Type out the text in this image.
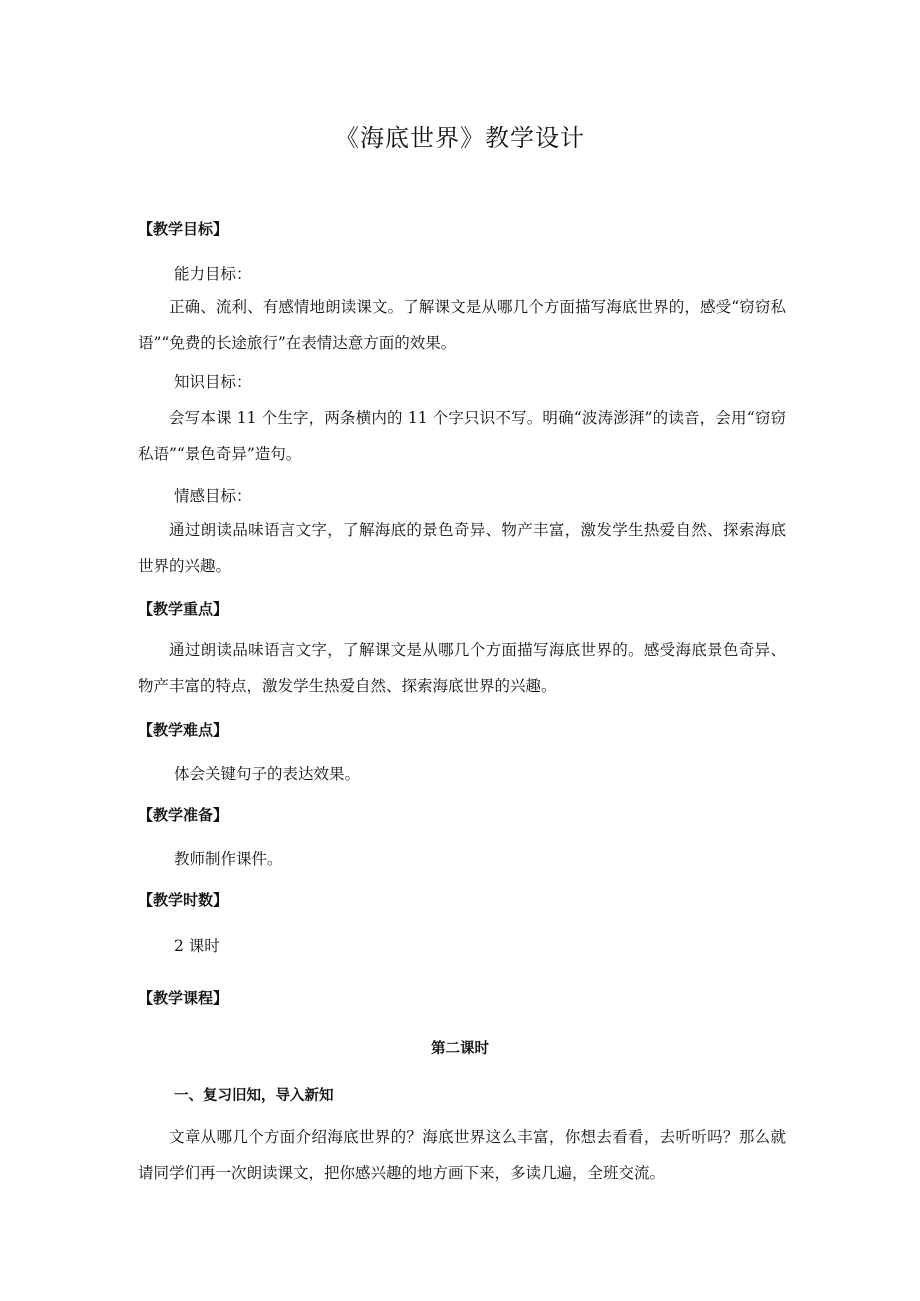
《海底世界》教学设计
【教学目标】
能力目标：
正确、流利、有感情地朗读课文。了解课文是从哪几个方面描写海底世界的，感受“窃窃私语”“免费的长途旅行”在表情达意方面的效果。
知识目标：
会写本课 11 个生字，两条横内的 11 个字只识不写。明确“波涛澎湃”的读音，会用“窃窃私语”“景色奇异”造句。
情感目标：
通过朗读品味语言文字，了解海底的景色奇异、物产丰富，激发学生热爱自然、探索海底世界的兴趣。
【教学重点】
通过朗读品味语言文字，了解课文是从哪几个方面描写海底世界的。感受海底景色奇异、物产丰富的特点，激发学生热爱自然、探索海底世界的兴趣。
【教学难点】
体会关键句子的表达效果。
【教学准备】
教师制作课件。
【教学时数】
2 课时
【教学课程】
第二课时
一、复习旧知，导入新知
文章从哪几个方面介绍海底世界的？海底世界这么丰富，你想去看看，去听听吗？那么就请同学们再一次朗读课文，把你感兴趣的地方画下来，多读几遍，全班交流。
